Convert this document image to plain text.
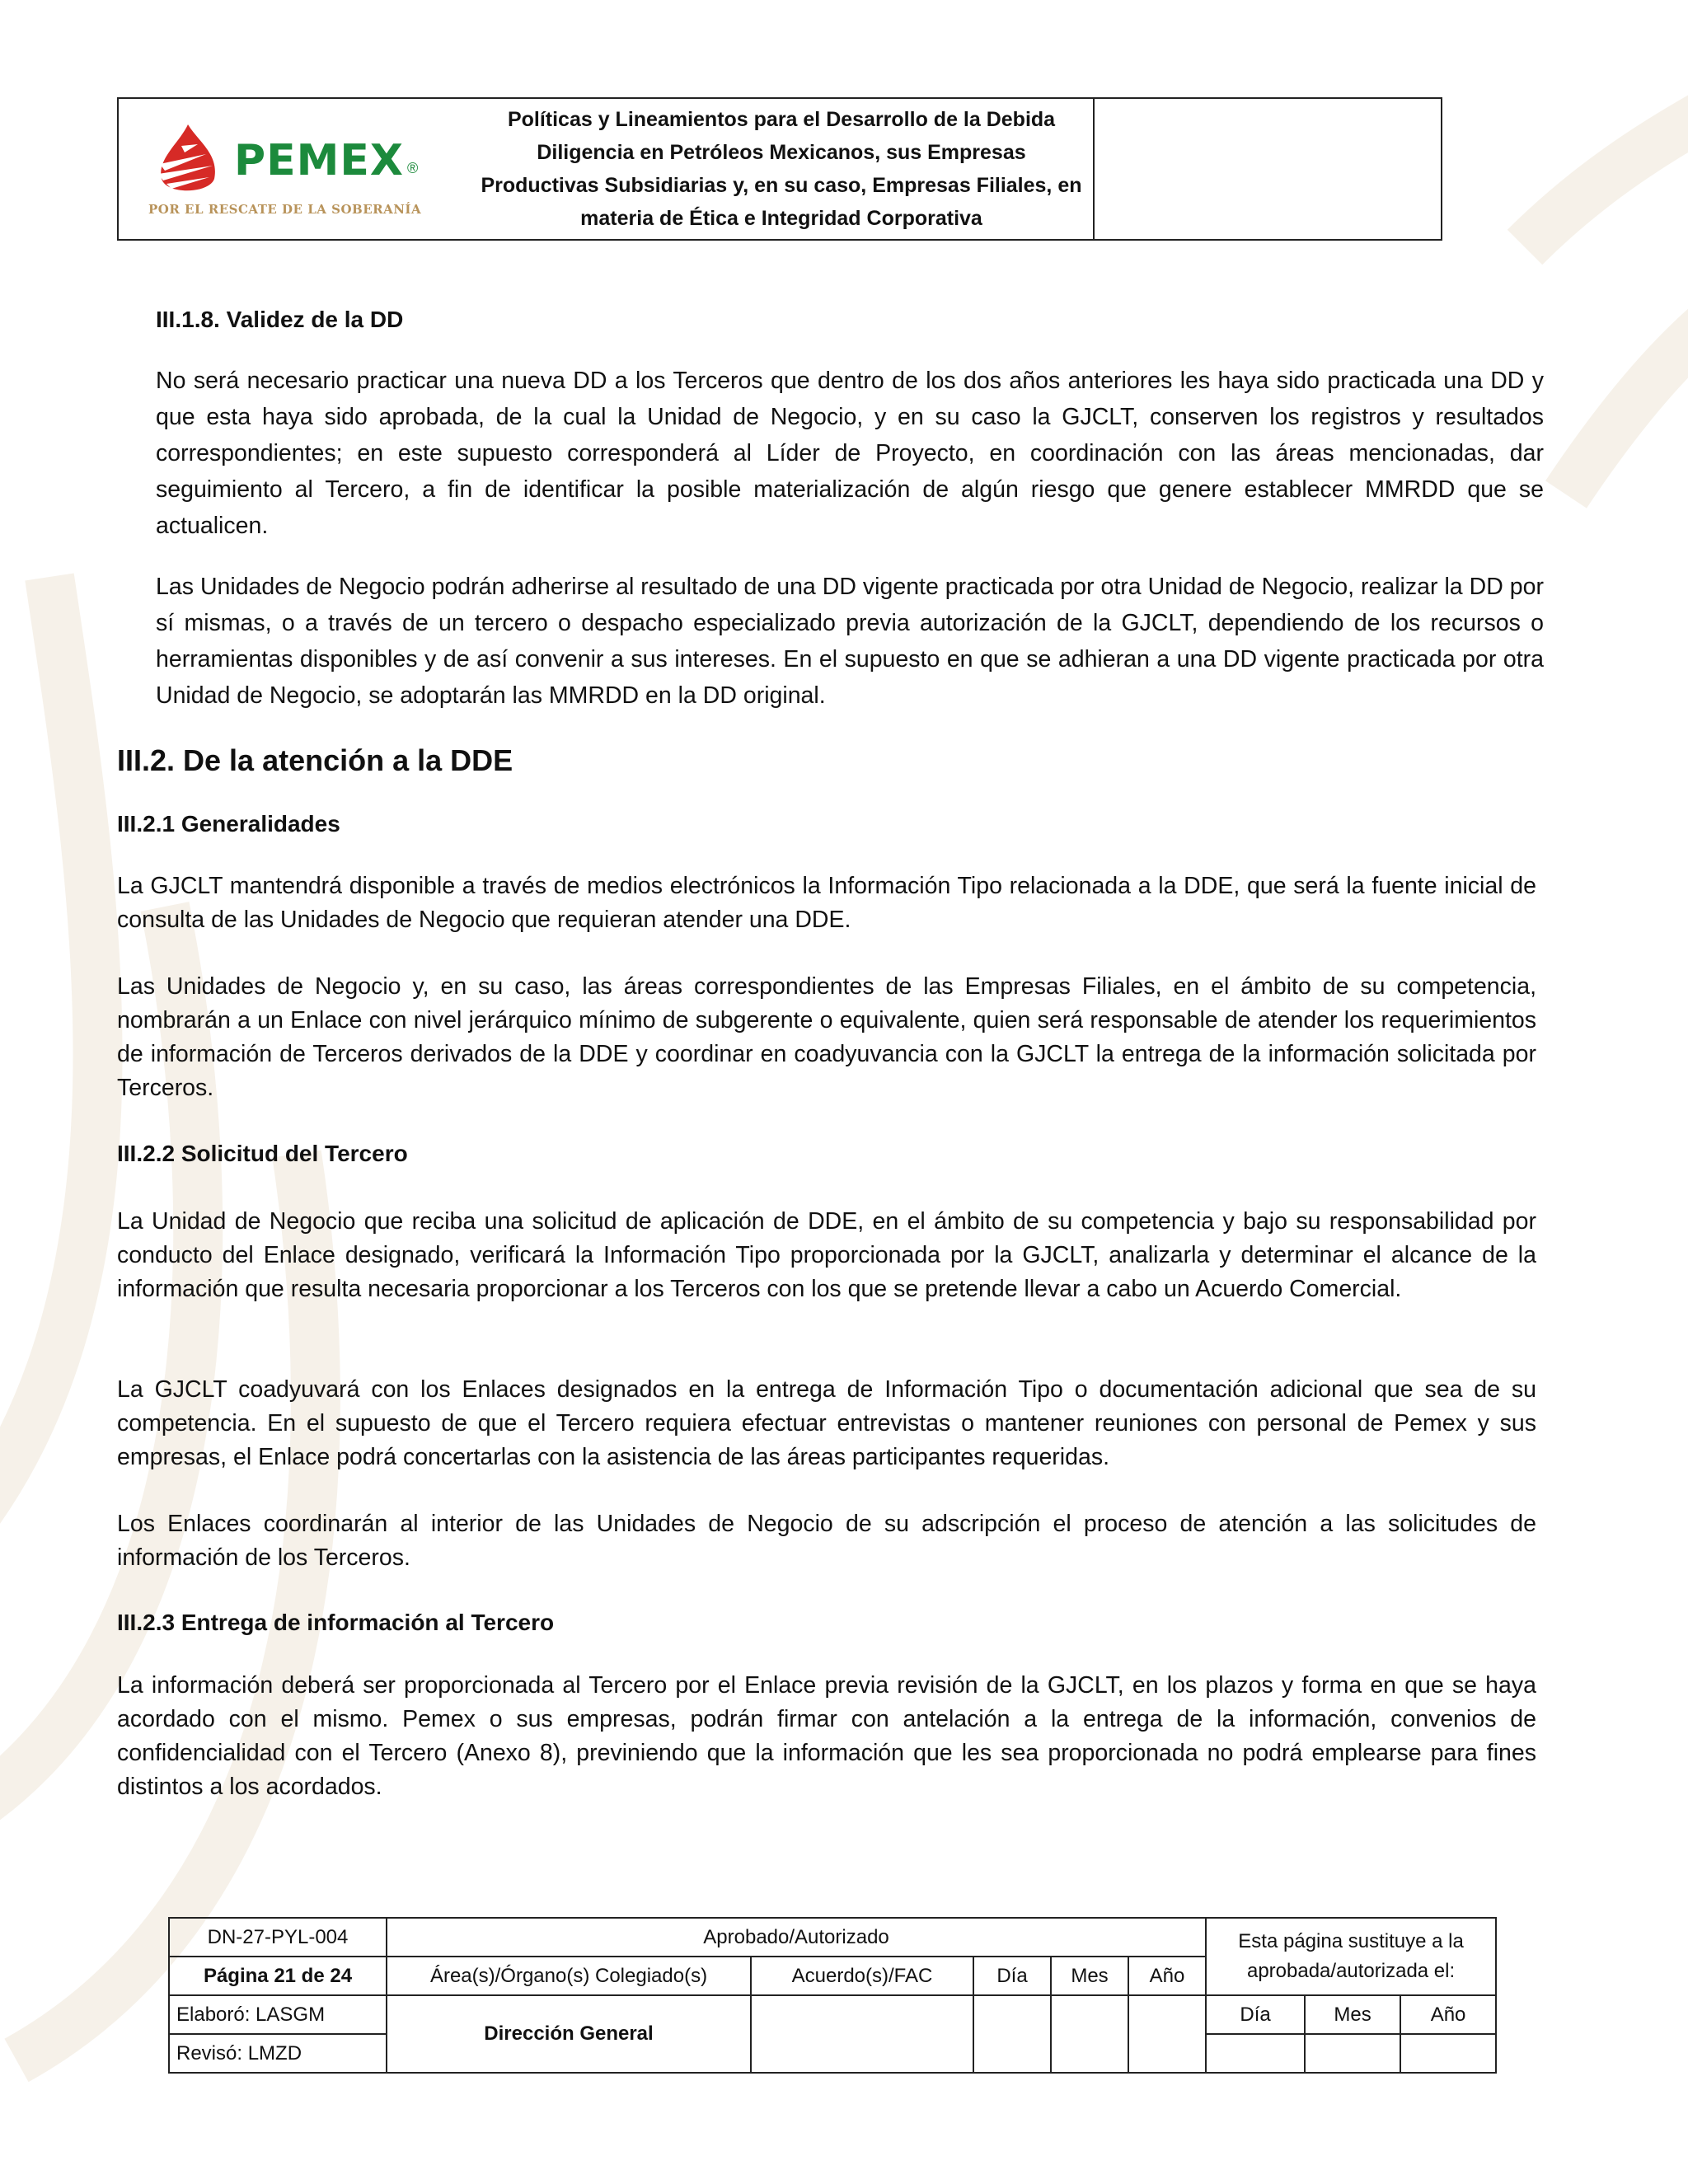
PEMEX ®
POR EL RESCATE DE LA SOBERANÍA
Políticas y Lineamientos para el Desarrollo de la Debida
Diligencia en Petróleos Mexicanos, sus Empresas
Productivas Subsidiarias y, en su caso, Empresas Filiales, en
materia de Ética e Integridad Corporativa

III.1.8. Validez de la DD

No será necesario practicar una nueva DD a los Terceros que dentro de los dos años anteriores les haya sido practicada una DD y que esta haya sido aprobada, de la cual la Unidad de Negocio, y en su caso la GJCLT, conserven los registros y resultados correspondientes; en este supuesto corresponderá al Líder de Proyecto, en coordinación con las áreas mencionadas, dar seguimiento al Tercero, a fin de identificar la posible materialización de algún riesgo que genere establecer MMRDD que se actualicen.

Las Unidades de Negocio podrán adherirse al resultado de una DD vigente practicada por otra Unidad de Negocio, realizar la DD por sí mismas, o a través de un tercero o despacho especializado previa autorización de la GJCLT, dependiendo de los recursos o herramientas disponibles y de así convenir a sus intereses. En el supuesto en que se adhieran a una DD vigente practicada por otra Unidad de Negocio, se adoptarán las MMRDD en la DD original.

III.2. De la atención a la DDE

III.2.1 Generalidades

La GJCLT mantendrá disponible a través de medios electrónicos la Información Tipo relacionada a la DDE, que será la fuente inicial de consulta de las Unidades de Negocio que requieran atender una DDE.

Las Unidades de Negocio y, en su caso, las áreas correspondientes de las Empresas Filiales, en el ámbito de su competencia, nombrarán a un Enlace con nivel jerárquico mínimo de subgerente o equivalente, quien será responsable de atender los requerimientos de información de Terceros derivados de la DDE y coordinar en coadyuvancia con la GJCLT la entrega de la información solicitada por Terceros.

III.2.2 Solicitud del Tercero

La Unidad de Negocio que reciba una solicitud de aplicación de DDE, en el ámbito de su competencia y bajo su responsabilidad por conducto del Enlace designado, verificará la Información Tipo proporcionada por la GJCLT, analizarla y determinar el alcance de la información que resulta necesaria proporcionar a los Terceros con los que se pretende llevar a cabo un Acuerdo Comercial.

La GJCLT coadyuvará con los Enlaces designados en la entrega de Información Tipo o documentación adicional que sea de su competencia. En el supuesto de que el Tercero requiera efectuar entrevistas o mantener reuniones con personal de Pemex y sus empresas, el Enlace podrá concertarlas con la asistencia de las áreas participantes requeridas.

Los Enlaces coordinarán al interior de las Unidades de Negocio de su adscripción el proceso de atención a las solicitudes de información de los Terceros.

III.2.3 Entrega de información al Tercero

La información deberá ser proporcionada al Tercero por el Enlace previa revisión de la GJCLT, en los plazos y forma en que se haya acordado con el mismo. Pemex o sus empresas, podrán firmar con antelación a la entrega de la información, convenios de confidencialidad con el Tercero (Anexo 8), previniendo que la información que les sea proporcionada no podrá emplearse para fines distintos a los acordados.

DN-27-PYL-004	Aprobado/Autorizado					Esta página sustituye a la aprobada/autorizada el:		
Página 21 de 24	Área(s)/Órgano(s) Colegiado(s)	Acuerdo(s)/FAC	Día	Mes	Año			
Elaboró: LASGM	Dirección General					Día	Mes	Año
Revisó: LMZD								
